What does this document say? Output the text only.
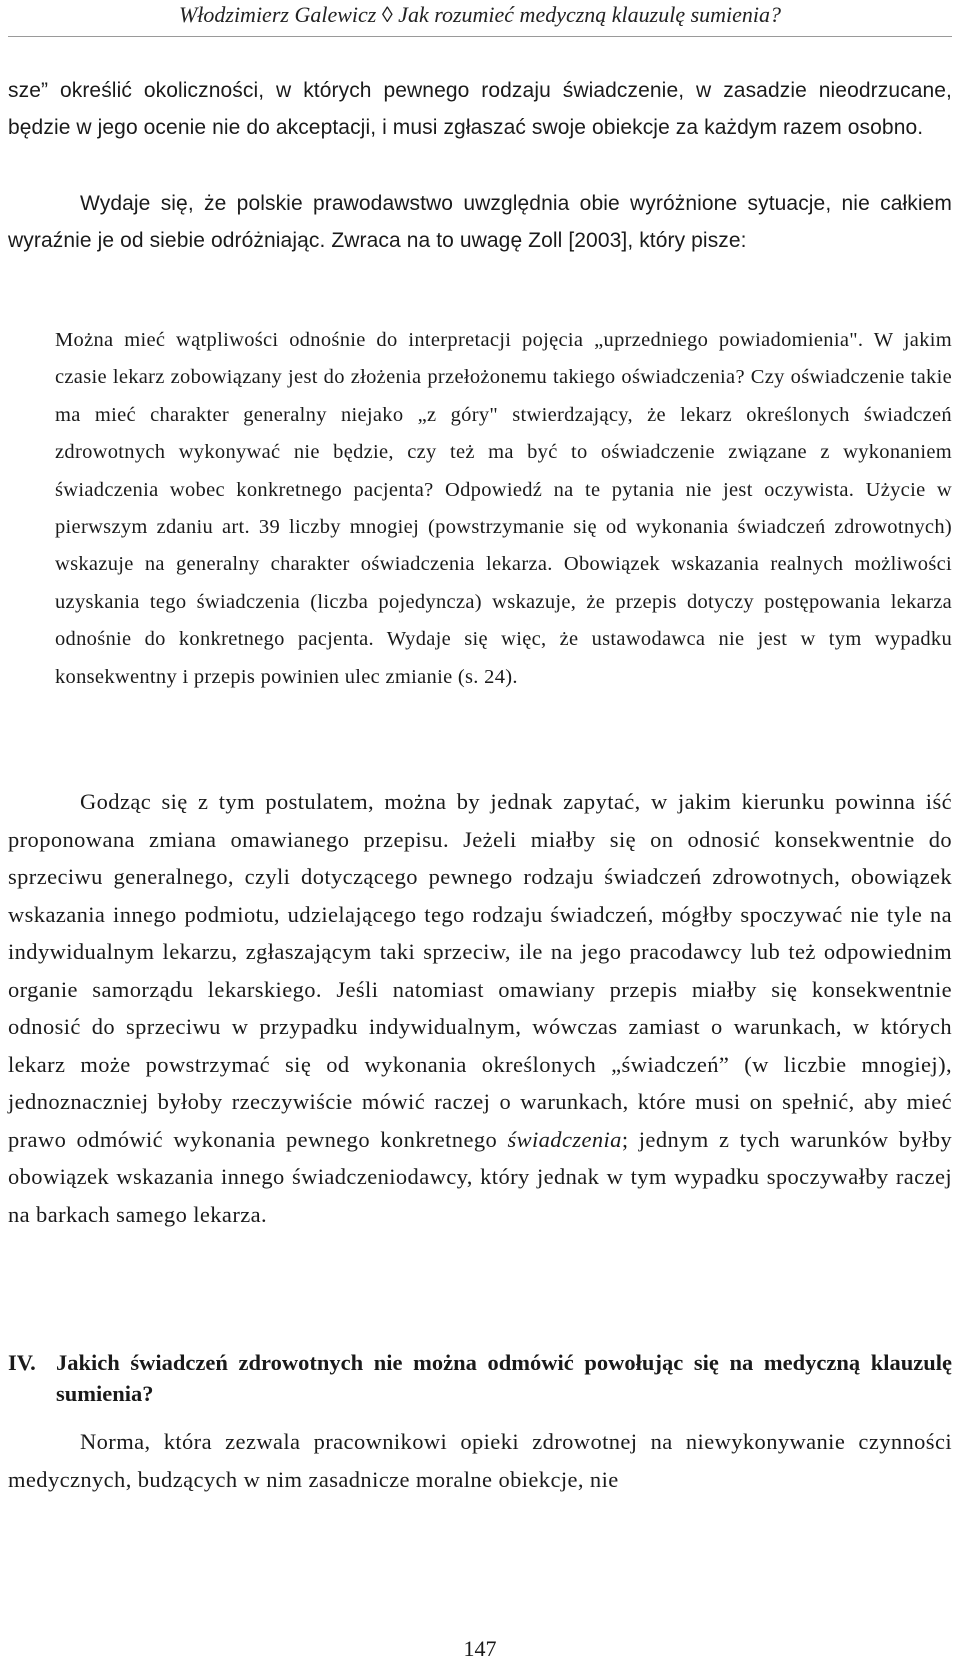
Włodzimierz Galewicz ◊ Jak rozumieć medyczną klauzulę sumienia?

sze” określić okoliczności, w których pewnego rodzaju świadczenie, w zasadzie nieodrzucane, będzie w jego ocenie nie do akceptacji, i musi zgłaszać swoje obiekcje za każdym razem osobno.

Wydaje się, że polskie prawodawstwo uwzględnia obie wyróżnione sytuacje, nie całkiem wyraźnie je od siebie odróżniając. Zwraca na to uwagę Zoll [2003], który pisze:

Można mieć wątpliwości odnośnie do interpretacji pojęcia „uprzedniego powiadomienia". W jakim czasie lekarz zobowiązany jest do złożenia przełożonemu takiego oświadczenia? Czy oświadczenie takie ma mieć charakter generalny niejako „z góry" stwierdzający, że lekarz określonych świadczeń zdrowotnych wykonywać nie będzie, czy też ma być to oświadczenie związane z wykonaniem świadczenia wobec konkretnego pacjenta? Odpowiedź na te pytania nie jest oczywista. Użycie w pierwszym zdaniu art. 39 liczby mnogiej (powstrzymanie się od wykonania świadczeń zdrowotnych) wskazuje na generalny charakter oświadczenia lekarza. Obowiązek wskazania realnych możliwości uzyskania tego świadczenia (liczba pojedyncza) wskazuje, że przepis dotyczy postępowania lekarza odnośnie do konkretnego pacjenta. Wydaje się więc, że ustawodawca nie jest w tym wypadku konsekwentny i przepis powinien ulec zmianie (s. 24).

Godząc się z tym postulatem, można by jednak zapytać, w jakim kierunku powinna iść proponowana zmiana omawianego przepisu. Jeżeli miałby się on odnosić konsekwentnie do sprzeciwu generalnego, czyli dotyczącego pewnego rodzaju świadczeń zdrowotnych, obowiązek wskazania innego podmiotu, udzielającego tego rodzaju świadczeń, mógłby spoczywać nie tyle na indywidualnym lekarzu, zgłaszającym taki sprzeciw, ile na jego pracodawcy lub też odpowiednim organie samorządu lekarskiego. Jeśli natomiast omawiany przepis miałby się konsekwentnie odnosić do sprzeciwu w przypadku indywidualnym, wówczas zamiast o warunkach, w których lekarz może powstrzymać się od wykonania określonych „świadczeń” (w liczbie mnogiej), jednoznaczniej byłoby rzeczywiście mówić raczej o warunkach, które musi on spełnić, aby mieć prawo odmówić wykonania pewnego konkretnego świadczenia; jednym z tych warunków byłby obowiązek wskazania innego świadczeniodawcy, który jednak w tym wypadku spoczywałby raczej na barkach samego lekarza.

IV. Jakich świadczeń zdrowotnych nie można odmówić powołując się na medyczną klauzulę sumienia?

Norma, która zezwala pracownikowi opieki zdrowotnej na niewykonywanie czynności medycznych, budzących w nim zasadnicze moralne obiekcje, nie

147
